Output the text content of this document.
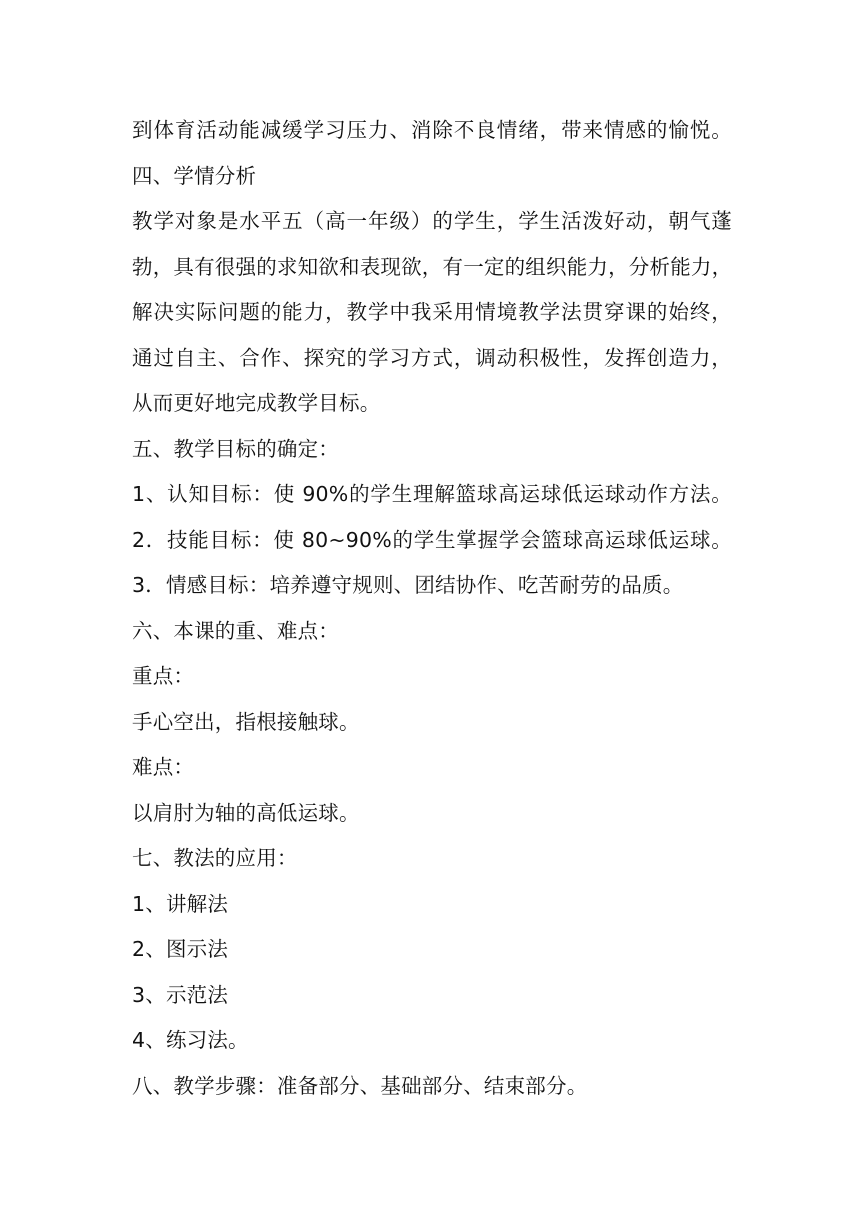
到体育活动能减缓学习压力、消除不良情绪，带来情感的愉悦。
四、学情分析
教学对象是水平五（高一年级）的学生，学生活泼好动，朝气蓬
勃，具有很强的求知欲和表现欲，有一定的组织能力，分析能力，
解决实际问题的能力，教学中我采用情境教学法贯穿课的始终，
通过自主、合作、探究的学习方式，调动积极性，发挥创造力，
从而更好地完成教学目标。
五、教学目标的确定：
1、认知目标：使 90%的学生理解篮球高运球低运球动作方法。
2．技能目标：使 80~90%的学生掌握学会篮球高运球低运球。
3．情感目标：培养遵守规则、团结协作、吃苦耐劳的品质。
六、本课的重、难点：
重点：
手心空出，指根接触球。
难点：
以肩肘为轴的高低运球。
七、教法的应用：
1、讲解法
2、图示法
3、示范法
4、练习法。
八、教学步骤：准备部分、基础部分、结束部分。
